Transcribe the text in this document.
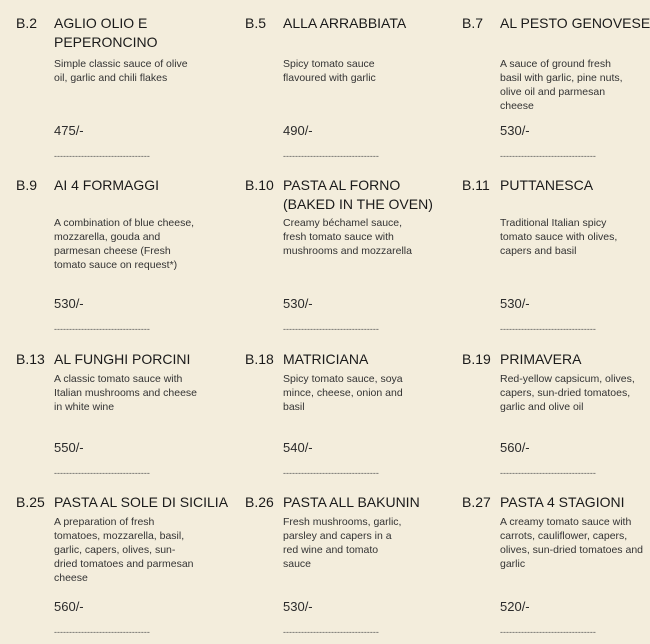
B.2 AGLIO OLIO E PEPERONCINO
Simple classic sauce of olive oil, garlic and chili flakes
475/-
--------------------------------
B.5 ALLA ARRABBIATA
Spicy tomato sauce flavoured with garlic
490/-
--------------------------------
B.7 AL PESTO GENOVESE
A sauce of ground fresh basil with garlic, pine nuts, olive oil and parmesan cheese
530/-
--------------------------------
B.9 AI 4 FORMAGGI
A combination of blue cheese, mozzarella, gouda and parmesan cheese (Fresh tomato sauce on request*)
530/-
--------------------------------
B.10 PASTA AL FORNO (BAKED IN THE OVEN)
Creamy béchamel sauce, fresh tomato sauce with mushrooms and mozzarella
530/-
--------------------------------
B.11 PUTTANESCA
Traditional Italian spicy tomato sauce with olives, capers and basil
530/-
--------------------------------
B.13 AL FUNGHI PORCINI
A classic tomato sauce with Italian mushrooms and cheese in white wine
550/-
--------------------------------
B.18 MATRICIANA
Spicy tomato sauce, soya mince, cheese, onion and basil
540/-
--------------------------------
B.19 PRIMAVERA
Red-yellow capsicum, olives, capers, sun-dried tomatoes, garlic and olive oil
560/-
--------------------------------
B.25 PASTA AL SOLE DI SICILIA
A preparation of fresh tomatoes, mozzarella, basil, garlic, capers, olives, sun-dried tomatoes and parmesan cheese
560/-
--------------------------------
B.26 PASTA ALL BAKUNIN
Fresh mushrooms, garlic, parsley and capers in a red wine and tomato sauce
530/-
--------------------------------
B.27 PASTA 4 STAGIONI
A creamy tomato sauce with carrots, cauliflower, capers, olives, sun-dried tomatoes and garlic
520/-
--------------------------------
